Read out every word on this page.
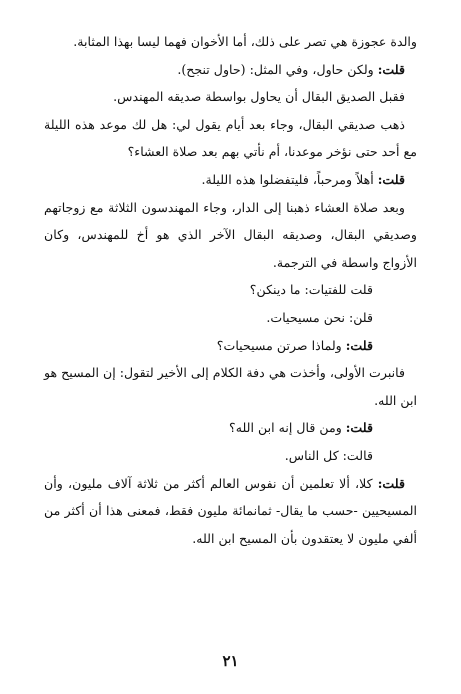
والدة عجوزة هي تصر على ذلك، أما الأخوان فهما ليسا بهذا المثابة.

قلت: ولكن حاول، وفي المثل: (حاول تنجح).

فقبل الصديق البقال أن يحاول بواسطة صديقه المهندس.

ذهب صديقي البقال، وجاء بعد أيام يقول لي: هل لك موعد هذه الليلة مع أحد حتى نؤخر موعدنا، أم نأتي بهم بعد صلاة العشاء؟

قلت: أهلاً ومرحباً، فليتفضلوا هذه الليلة.

وبعد صلاة العشاء ذهبنا إلى الدار، وجاء المهندسون الثلاثة مع زوجاتهم وصديقي البقال، وصديقه البقال الآخر الذي هو أخ للمهندس، وكان الأزواج واسطة في الترجمة.

قلت للفتيات: ما دينكن؟

قلن: نحن مسيحيات.

قلت: ولماذا صرتن مسيحيات؟

فانبرت الأولى، وأخذت هي دفة الكلام إلى الأخير لتقول: إن المسيح هو ابن الله.

قلت: ومن قال إنه ابن الله؟

قالت: كل الناس.

قلت: كلا، ألا تعلمين أن نفوس العالم أكثر من ثلاثة آلاف مليون، وأن المسيحيين -حسب ما يقال- ثمانمائة مليون فقط، فمعنى هذا أن أكثر من ألفي مليون لا يعتقدون بأن المسيح ابن الله.

٢١
